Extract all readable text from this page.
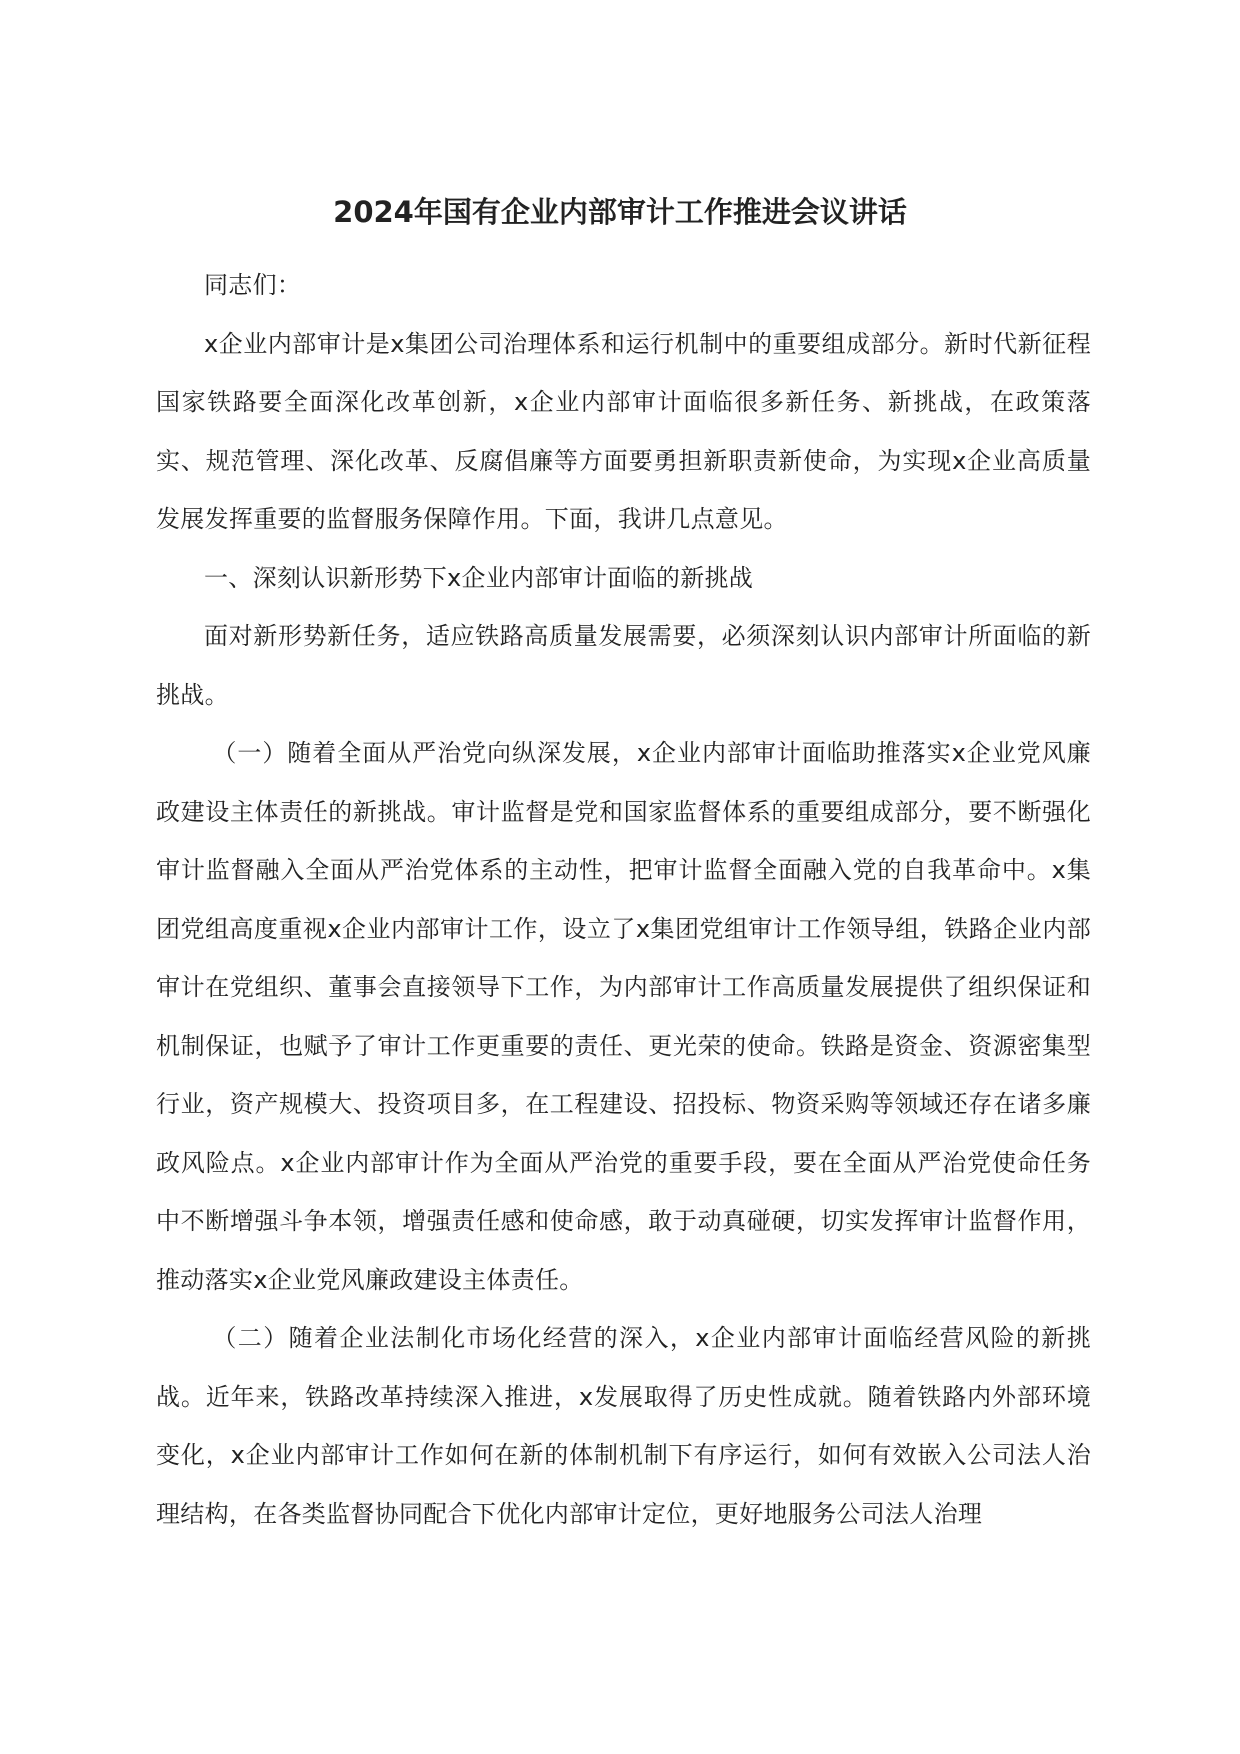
2024年国有企业内部审计工作推进会议讲话

同志们：

x企业内部审计是x集团公司治理体系和运行机制中的重要组成部分。新时代新征程国家铁路要全面深化改革创新，x企业内部审计面临很多新任务、新挑战，在政策落实、规范管理、深化改革、反腐倡廉等方面要勇担新职责新使命，为实现x企业高质量发展发挥重要的监督服务保障作用。下面，我讲几点意见。

一、深刻认识新形势下x企业内部审计面临的新挑战

面对新形势新任务，适应铁路高质量发展需要，必须深刻认识内部审计所面临的新挑战。

（一）随着全面从严治党向纵深发展，x企业内部审计面临助推落实x企业党风廉政建设主体责任的新挑战。审计监督是党和国家监督体系的重要组成部分，要不断强化审计监督融入全面从严治党体系的主动性，把审计监督全面融入党的自我革命中。x集团党组高度重视x企业内部审计工作，设立了x集团党组审计工作领导组，铁路企业内部审计在党组织、董事会直接领导下工作，为内部审计工作高质量发展提供了组织保证和机制保证，也赋予了审计工作更重要的责任、更光荣的使命。铁路是资金、资源密集型行业，资产规模大、投资项目多，在工程建设、招投标、物资采购等领域还存在诸多廉政风险点。x企业内部审计作为全面从严治党的重要手段，要在全面从严治党使命任务中不断增强斗争本领，增强责任感和使命感，敢于动真碰硬，切实发挥审计监督作用，推动落实x企业党风廉政建设主体责任。

（二）随着企业法制化市场化经营的深入，x企业内部审计面临经营风险的新挑战。近年来，铁路改革持续深入推进，x发展取得了历史性成就。随着铁路内外部环境变化，x企业内部审计工作如何在新的体制机制下有序运行，如何有效嵌入公司法人治理结构，在各类监督协同配合下优化内部审计定位，更好地服务公司法人治理
